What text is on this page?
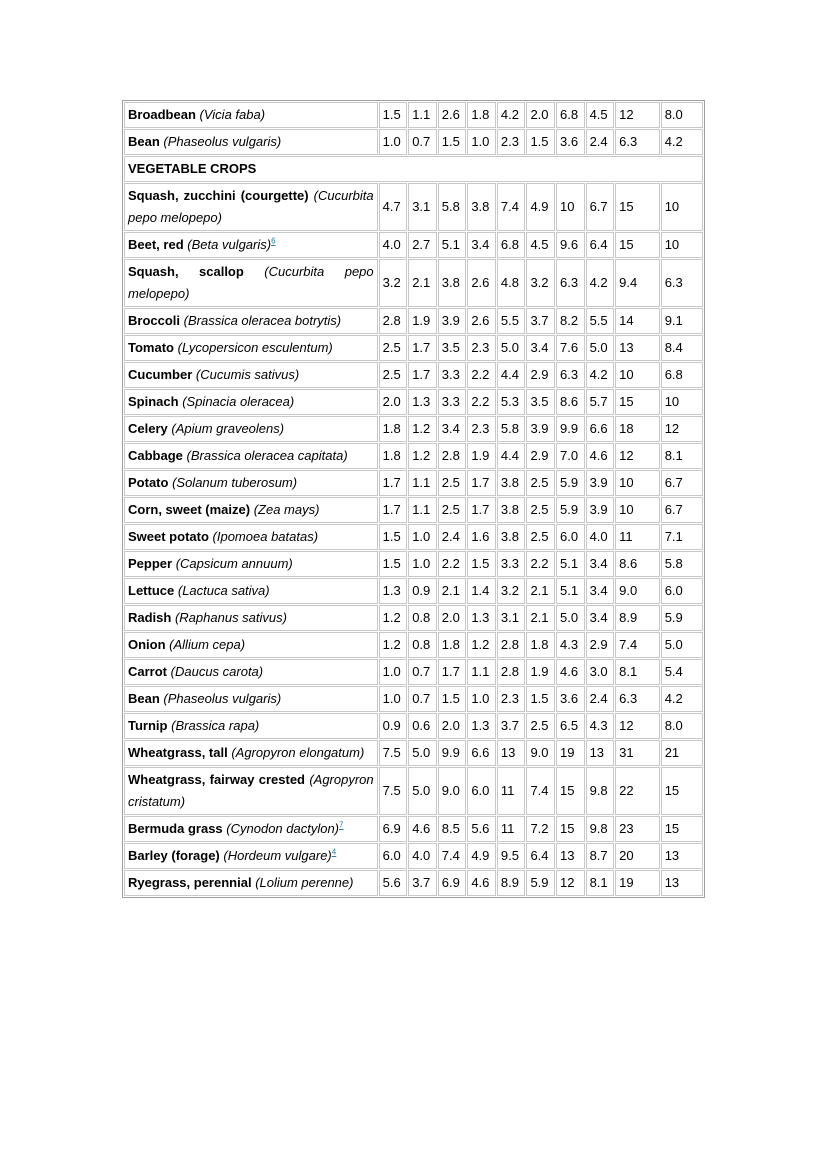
Broadbean (Vicia faba)	1.5	1.1	2.6	1.8	4.2	2.0	6.8	4.5	12	8.0
Bean (Phaseolus vulgaris)	1.0	0.7	1.5	1.0	2.3	1.5	3.6	2.4	6.3	4.2
VEGETABLE CROPS										
Squash, zucchini (courgette) (Cucurbita pepo melopepo)	4.7	3.1	5.8	3.8	7.4	4.9	10	6.7	15	10
Beet, red (Beta vulgaris)$^6$	4.0	2.7	5.1	3.4	6.8	4.5	9.6	6.4	15	10
Squash, scallop (Cucurbita pepo melopepo)	3.2	2.1	3.8	2.6	4.8	3.2	6.3	4.2	9.4	6.3
Broccoli (Brassica oleracea botrytis)	2.8	1.9	3.9	2.6	5.5	3.7	8.2	5.5	14	9.1
Tomato (Lycopersicon esculentum)	2.5	1.7	3.5	2.3	5.0	3.4	7.6	5.0	13	8.4
Cucumber (Cucumis sativus)	2.5	1.7	3.3	2.2	4.4	2.9	6.3	4.2	10	6.8
Spinach (Spinacia oleracea)	2.0	1.3	3.3	2.2	5.3	3.5	8.6	5.7	15	10
Celery (Apium graveolens)	1.8	1.2	3.4	2.3	5.8	3.9	9.9	6.6	18	12
Cabbage (Brassica oleracea capitata)	1.8	1.2	2.8	1.9	4.4	2.9	7.0	4.6	12	8.1
Potato (Solanum tuberosum)	1.7	1.1	2.5	1.7	3.8	2.5	5.9	3.9	10	6.7
Corn, sweet (maize) (Zea mays)	1.7	1.1	2.5	1.7	3.8	2.5	5.9	3.9	10	6.7
Sweet potato (Ipomoea batatas)	1.5	1.0	2.4	1.6	3.8	2.5	6.0	4.0	11	7.1
Pepper (Capsicum annuum)	1.5	1.0	2.2	1.5	3.3	2.2	5.1	3.4	8.6	5.8
Lettuce (Lactuca sativa)	1.3	0.9	2.1	1.4	3.2	2.1	5.1	3.4	9.0	6.0
Radish (Raphanus sativus)	1.2	0.8	2.0	1.3	3.1	2.1	5.0	3.4	8.9	5.9
Onion (Allium cepa)	1.2	0.8	1.8	1.2	2.8	1.8	4.3	2.9	7.4	5.0
Carrot (Daucus carota)	1.0	0.7	1.7	1.1	2.8	1.9	4.6	3.0	8.1	5.4
Bean (Phaseolus vulgaris)	1.0	0.7	1.5	1.0	2.3	1.5	3.6	2.4	6.3	4.2
Turnip (Brassica rapa)	0.9	0.6	2.0	1.3	3.7	2.5	6.5	4.3	12	8.0
Wheatgrass, tall (Agropyron elongatum)	7.5	5.0	9.9	6.6	13	9.0	19	13	31	21
Wheatgrass, fairway crested (Agropyron cristatum)	7.5	5.0	9.0	6.0	11	7.4	15	9.8	22	15
Bermuda grass (Cynodon dactylon)$^7$	6.9	4.6	8.5	5.6	11	7.2	15	9.8	23	15
Barley (forage) (Hordeum vulgare)$^4$	6.0	4.0	7.4	4.9	9.5	6.4	13	8.7	20	13
Ryegrass, perennial (Lolium perenne)	5.6	3.7	6.9	4.6	8.9	5.9	12	8.1	19	13
